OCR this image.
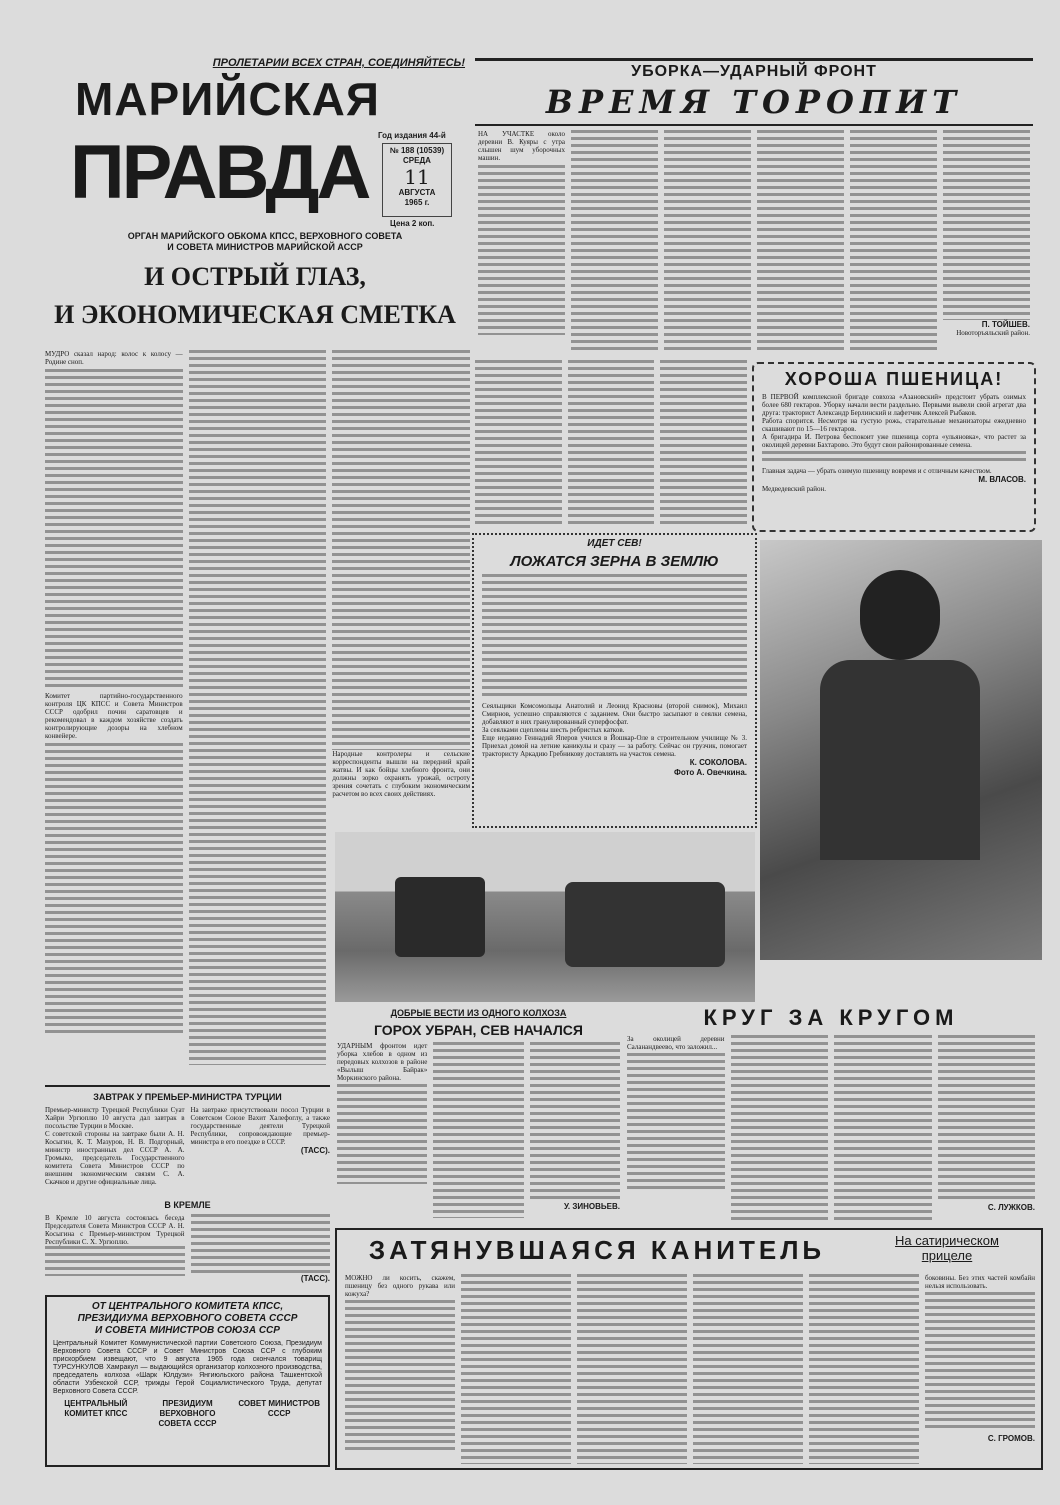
ПРОЛЕТАРИИ ВСЕХ СТРАН, СОЕДИНЯЙТЕСЬ!
МАРИЙСКАЯ
ПРАВДА Год издания 44-й
№ 188 (10539)
СРЕДА
11
АВГУСТА
1965 г.
Цена 2 коп.
ОРГАН МАРИЙСКОГО ОБКОМА КПСС, ВЕРХОВНОГО СОВЕТА
И СОВЕТА МИНИСТРОВ МАРИЙСКОЙ АССР
УБОРКА—УДАРНЫЙ ФРОНТ
ВРЕМЯ ТОРОПИТ

НА УЧАСТКЕ около деревни В. Куяры с утра слышен шум уборочных машин.

П. ТОЙШЕВ.
Новоторъяльский район.
ХОРОША ПШЕНИЦА!

В ПЕРВОЙ комплексной бригаде совхоза «Азановский» предстоит убрать озимых более 680 гектаров. Уборку начали вести раздельно. Первыми вывели свой агрегат два друга: тракторист Александр Берлинский и лафетчик Алексей Рыбаков.

Работа спорится. Несмотря на густую рожь, старательные механизаторы ежедневно скашивают по 15—16 гектаров.

А бригадира И. Петрова беспокоит уже пшеница сорта «ульяновка», что растет за околицей деревни Бахтарово. Это будут свои районированные семена.

Главная задача — убрать озимую пшеницу вовремя и с отличным качеством.

М. ВЛАСОВ.
Медведевский район.
И ОСТРЫЙ ГЛАЗ,
И ЭКОНОМИЧЕСКАЯ СМЕТКА

МУДРО сказал народ: колос к колосу — Родине сноп.

Комитет партийно-государственного контроля ЦК КПСС и Совета Министров СССР одобрил почин саратовцев и рекомендовал в каждом хозяйстве создать контролирующие дозоры на хлебном конвейере.

Народные контролеры и сельские корреспонденты вышли на передний край жатвы. И как бойцы хлебного фронта, они должны зорко охранять урожай, остроту зрения сочетать с глубоким экономическим расчетом во всех своих действиях.

ИДЕТ СЕВ!
ЛОЖАТСЯ ЗЕРНА В ЗЕМЛЮ

Сеяльщики Комсомольцы Анатолий и Леонид Красновы (второй снимок), Михаил Смирнов, успешно справляются с заданием. Они быстро засыпают в сеялки семена, добавляют в них гранулированный суперфосфат.

За сеялками сцеплены шесть ребристых катков.

Еще недавно Геннадий Яперов учился в Йошкар-Оле в строительном училище № 3. Приехал домой на летние каникулы и сразу — за работу. Сейчас он грузчик, помогает трактористу Аркадию Гребникову доставлять на участок семена.

К. СОКОЛОВА.
Фото А. Овечкина.
ДОБРЫЕ ВЕСТИ ИЗ ОДНОГО КОЛХОЗА
ГОРОХ УБРАН, СЕВ НАЧАЛСЯ

УДАРНЫМ фронтом идет уборка хлебов в одном из передовых колхозов в районе «Вылыш Байрак» Моркинского района.

У. ЗИНОВЬЕВ.
КРУГ ЗА КРУГОМ

За околицей деревни Саланандвеево, что заложил...

С. ЛУЖКОВ.
ЗАВТРАК У ПРЕМЬЕР-МИНИСТРА ТУРЦИИ

Премьер-министр Турецкой Республики Суат Хайри Ургюплю 10 августа дал завтрак в посольстве Турции в Москве.

С советской стороны на завтраке были А. Н. Косыгин, К. Т. Мазуров, Н. В. Подгорный, министр иностранных дел СССР А. А. Громыко, председатель Государственного комитета Совета Министров СССР по внешним экономическим связям С. А. Скачков и другие официальные лица.

На завтраке присутствовали посол Турции в Советском Союзе Вахит Халефоглу, а также государственные деятели Турецкой Республики, сопровождающие премьер-министра в его поездке в СССР.

(ТАСС).
В КРЕМЛЕ

В Кремле 10 августа состоялась беседа Председателя Совета Министров СССР А. Н. Косыгина с Премьер-министром Турецкой Республики С. Х. Ургюплю.

(ТАСС).
ОТ ЦЕНТРАЛЬНОГО КОМИТЕТА КПСС,
ПРЕЗИДИУМА ВЕРХОВНОГО СОВЕТА СССР
И СОВЕТА МИНИСТРОВ СОЮЗА ССР

Центральный Комитет Коммунистической партии Советского Союза, Президиум Верховного Совета СССР и Совет Министров Союза ССР с глубоким прискорбием извещают, что 9 августа 1965 года скончался товарищ ТУРСУНКУЛОВ Хамракул — выдающийся организатор колхозного производства, председатель колхоза «Шарк Юлдузи» Янгиюльского района Ташкентской области Узбекской ССР, трижды Герой Социалистического Труда, депутат Верховного Совета СССР.

ЦЕНТРАЛЬНЫЙ КОМИТЕТ КПСС
ПРЕЗИДИУМ ВЕРХОВНОГО СОВЕТА СССР
СОВЕТ МИНИСТРОВ СССР
ЗАТЯНУВШАЯСЯ КАНИТЕЛЬ	На сатирическом
прицеле

МОЖНО ли косить, скажем, пшеницу без одного рукава или кожуха?

боковины. Без этих частей комбайн нельзя использовать.

С. ГРОМОВ.
